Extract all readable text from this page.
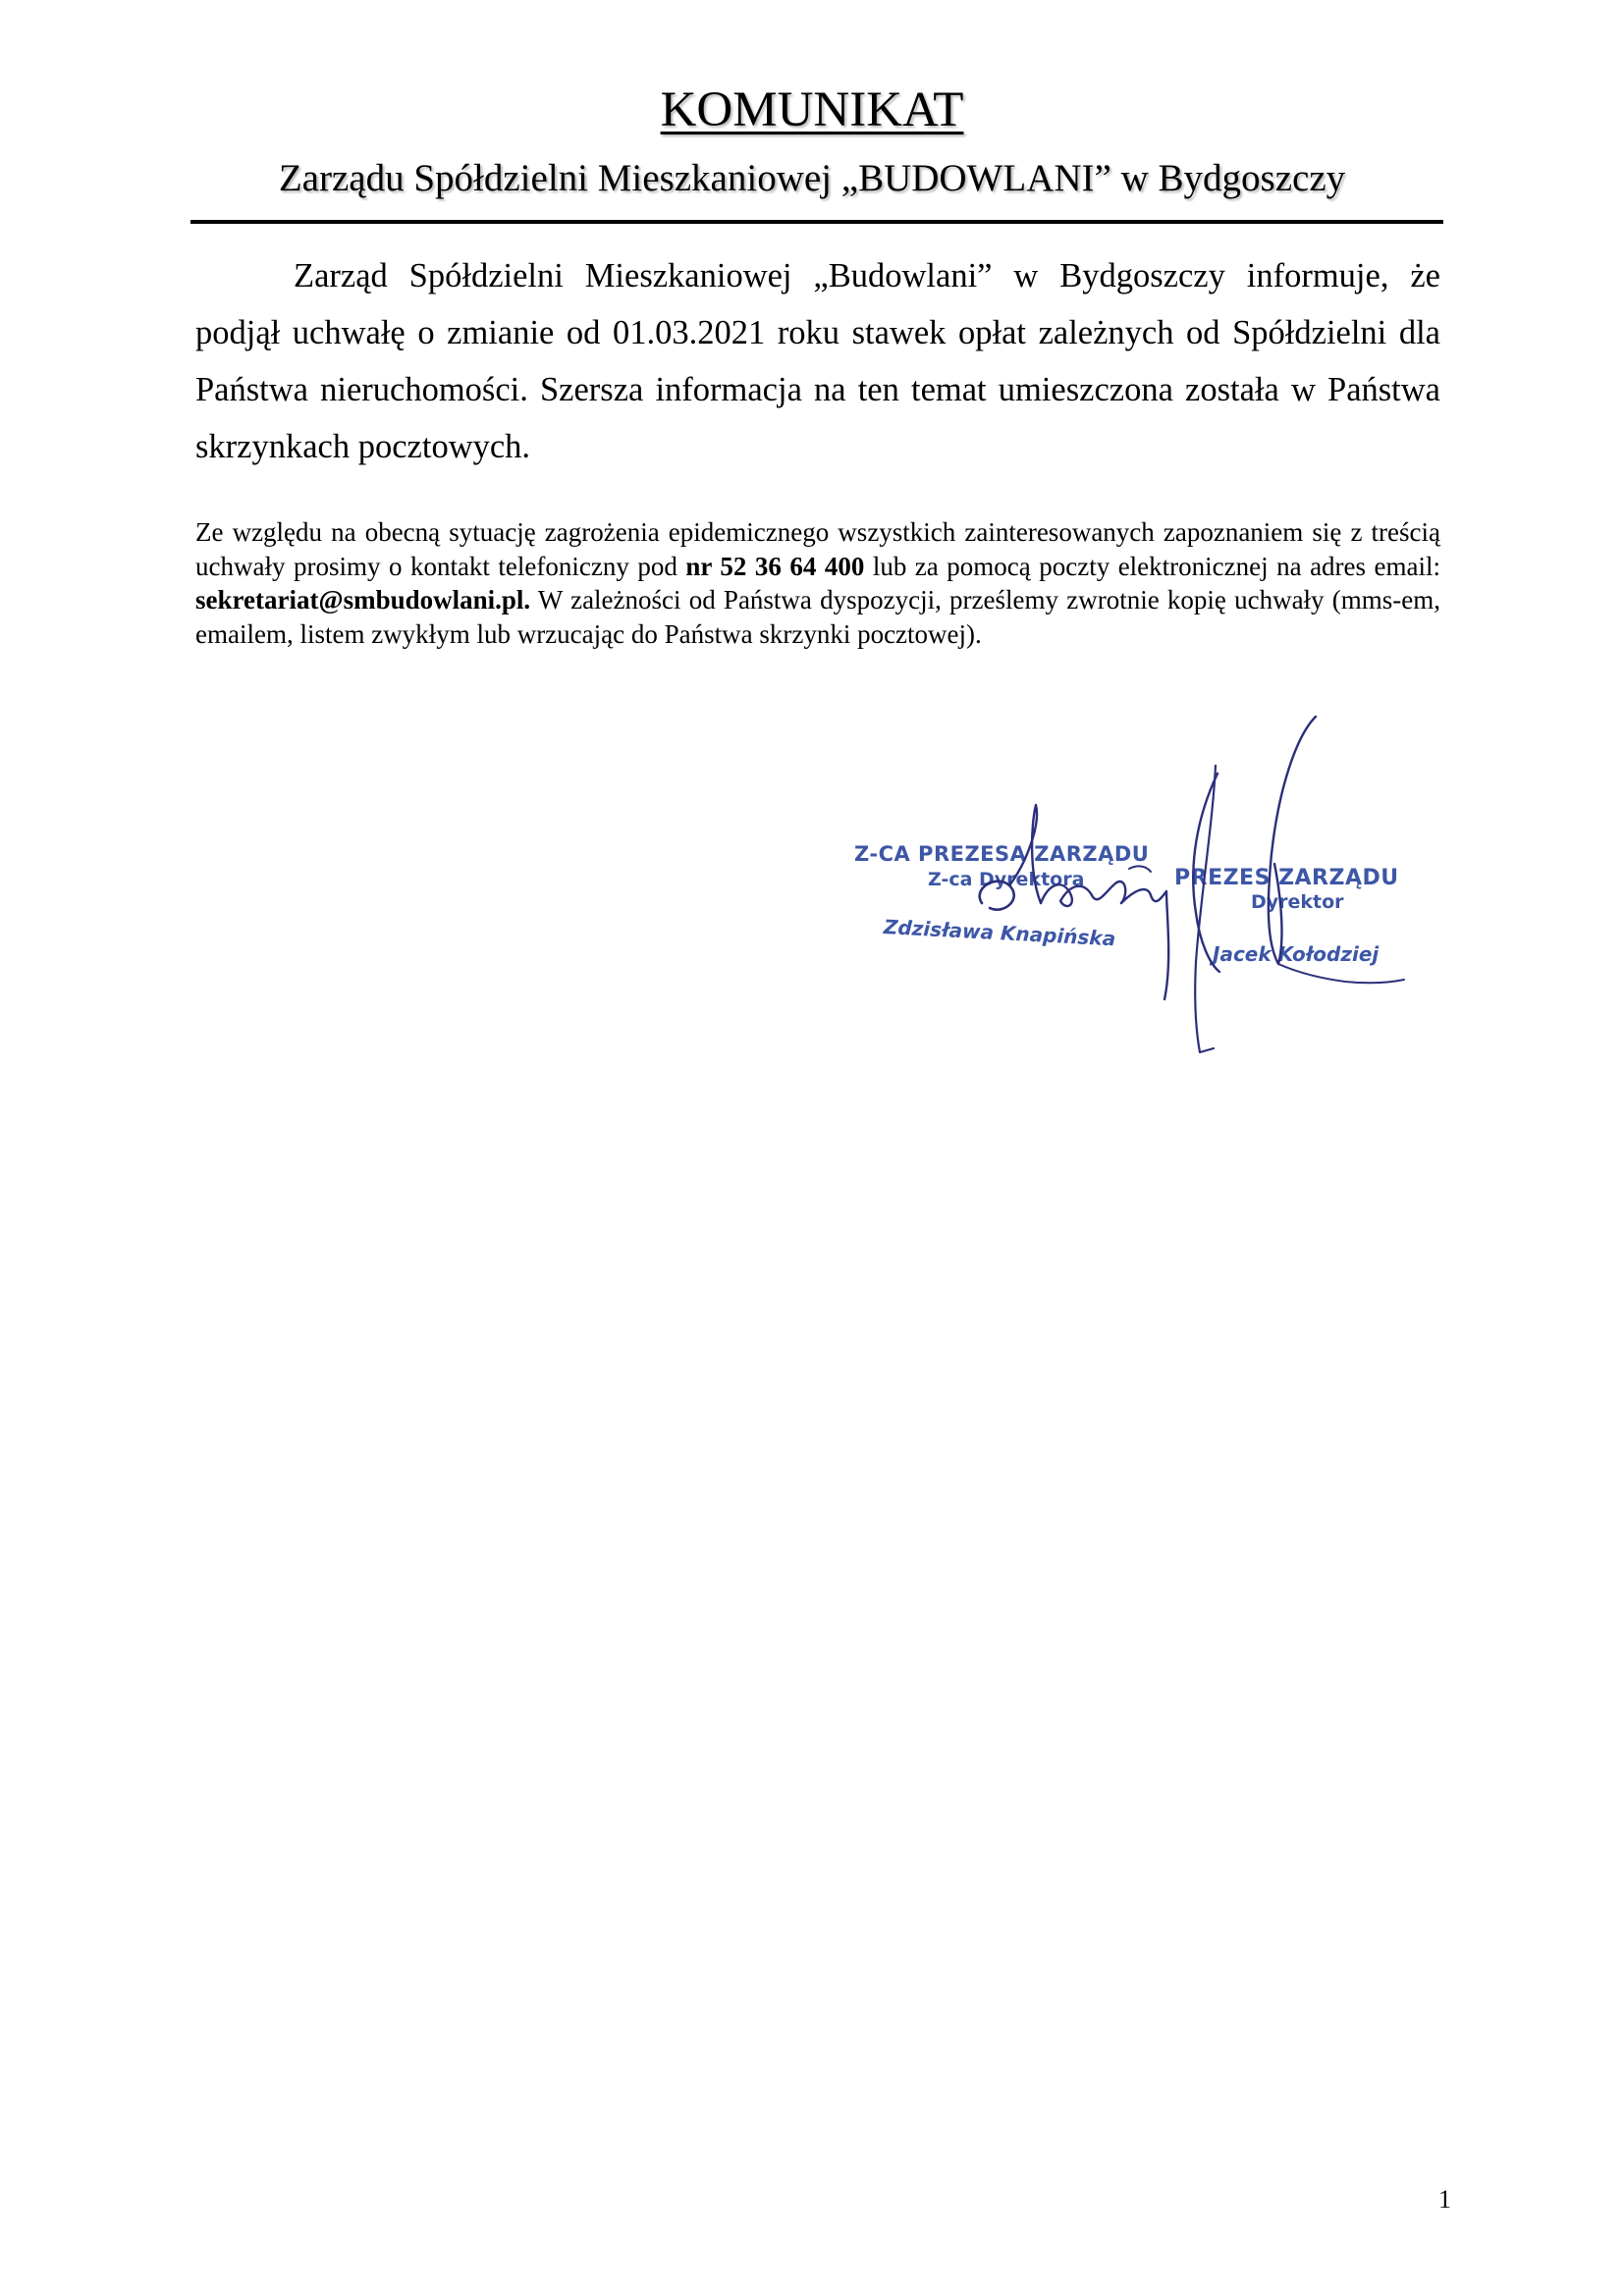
KOMUNIKAT
Zarządu Spółdzielni Mieszkaniowej „BUDOWLANI” w Bydgoszczy

Zarząd Spółdzielni Mieszkaniowej „Budowlani” w Bydgoszczy informuje, że podjął uchwałę o zmianie od 01.03.2021 roku stawek opłat zależnych od Spółdzielni dla Państwa nieruchomości. Szersza informacja na ten temat umieszczona została w Państwa skrzynkach pocztowych.

Ze względu na obecną sytuację zagrożenia epidemicznego wszystkich zainteresowanych zapoznaniem się z treścią uchwały prosimy o kontakt telefoniczny pod nr 52 36 64 400 lub za pomocą poczty elektronicznej na adres email: sekretariat@smbudowlani.pl. W zależności od Państwa dyspozycji, prześlemy zwrotnie kopię uchwały (mms-em, emailem, listem zwykłym lub wrzucając do Państwa skrzynki pocztowej).

Z-CA PREZESA ZARZĄDU
Z-ca Dyrektora
Zdzisława Knapińska
PREZES ZARZĄDU
Dyrektor
Jacek Kołodziej
1
